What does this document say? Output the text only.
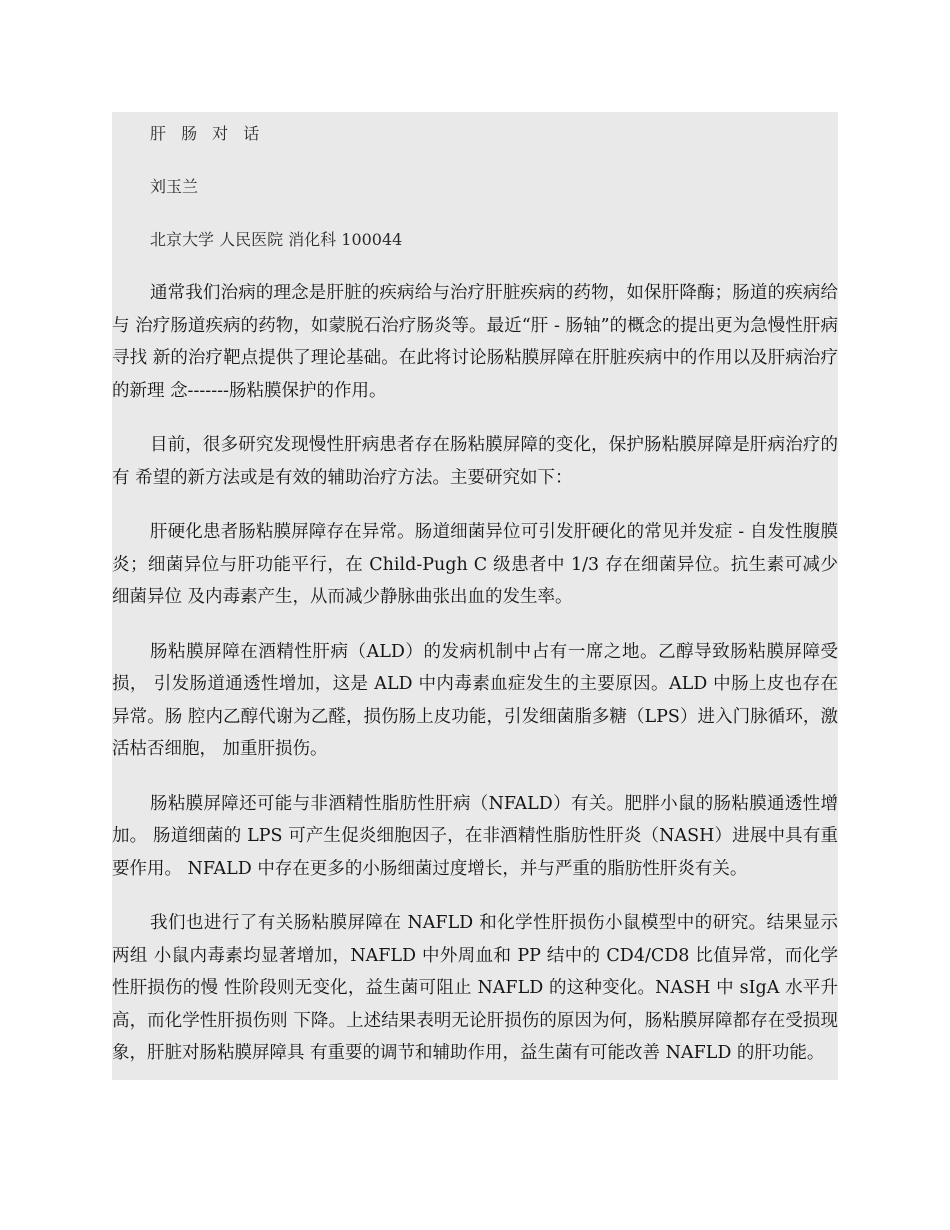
肝 肠 对 话
刘玉兰
北京大学 人民医院 消化科 100044

通常我们治病的理念是肝脏的疾病给与治疗肝脏疾病的药物，如保肝降酶；肠道的疾病给与 治疗肠道疾病的药物，如蒙脱石治疗肠炎等。最近“肝 - 肠轴”的概念的提出更为急慢性肝病寻找 新的治疗靶点提供了理论基础。在此将讨论肠粘膜屏障在肝脏疾病中的作用以及肝病治疗的新理 念-------肠粘膜保护的作用。

目前，很多研究发现慢性肝病患者存在肠粘膜屏障的变化，保护肠粘膜屏障是肝病治疗的有 希望的新方法或是有效的辅助治疗方法。主要研究如下：

肝硬化患者肠粘膜屏障存在异常。肠道细菌异位可引发肝硬化的常见并发症 - 自发性腹膜 炎；细菌异位与肝功能平行，在 Child-Pugh C 级患者中 1/3 存在细菌异位。抗生素可减少细菌异位 及内毒素产生，从而减少静脉曲张出血的发生率。

肠粘膜屏障在酒精性肝病（ALD）的发病机制中占有一席之地。乙醇导致肠粘膜屏障受损， 引发肠道通透性增加，这是 ALD 中内毒素血症发生的主要原因。ALD 中肠上皮也存在异常。肠 腔内乙醇代谢为乙醛，损伤肠上皮功能，引发细菌脂多糖（LPS）进入门脉循环，激活枯否细胞， 加重肝损伤。

肠粘膜屏障还可能与非酒精性脂肪性肝病（NFALD）有关。肥胖小鼠的肠粘膜通透性增加。 肠道细菌的 LPS 可产生促炎细胞因子，在非酒精性脂肪性肝炎（NASH）进展中具有重要作用。 NFALD 中存在更多的小肠细菌过度增长，并与严重的脂肪性肝炎有关。

我们也进行了有关肠粘膜屏障在 NAFLD 和化学性肝损伤小鼠模型中的研究。结果显示两组 小鼠内毒素均显著增加，NAFLD 中外周血和 PP 结中的 CD4/CD8 比值异常，而化学性肝损伤的慢 性阶段则无变化，益生菌可阻止 NAFLD 的这种变化。NASH 中 sIgA 水平升高，而化学性肝损伤则 下降。上述结果表明无论肝损伤的原因为何，肠粘膜屏障都存在受损现象，肝脏对肠粘膜屏障具 有重要的调节和辅助作用，益生菌有可能改善 NAFLD 的肝功能。
